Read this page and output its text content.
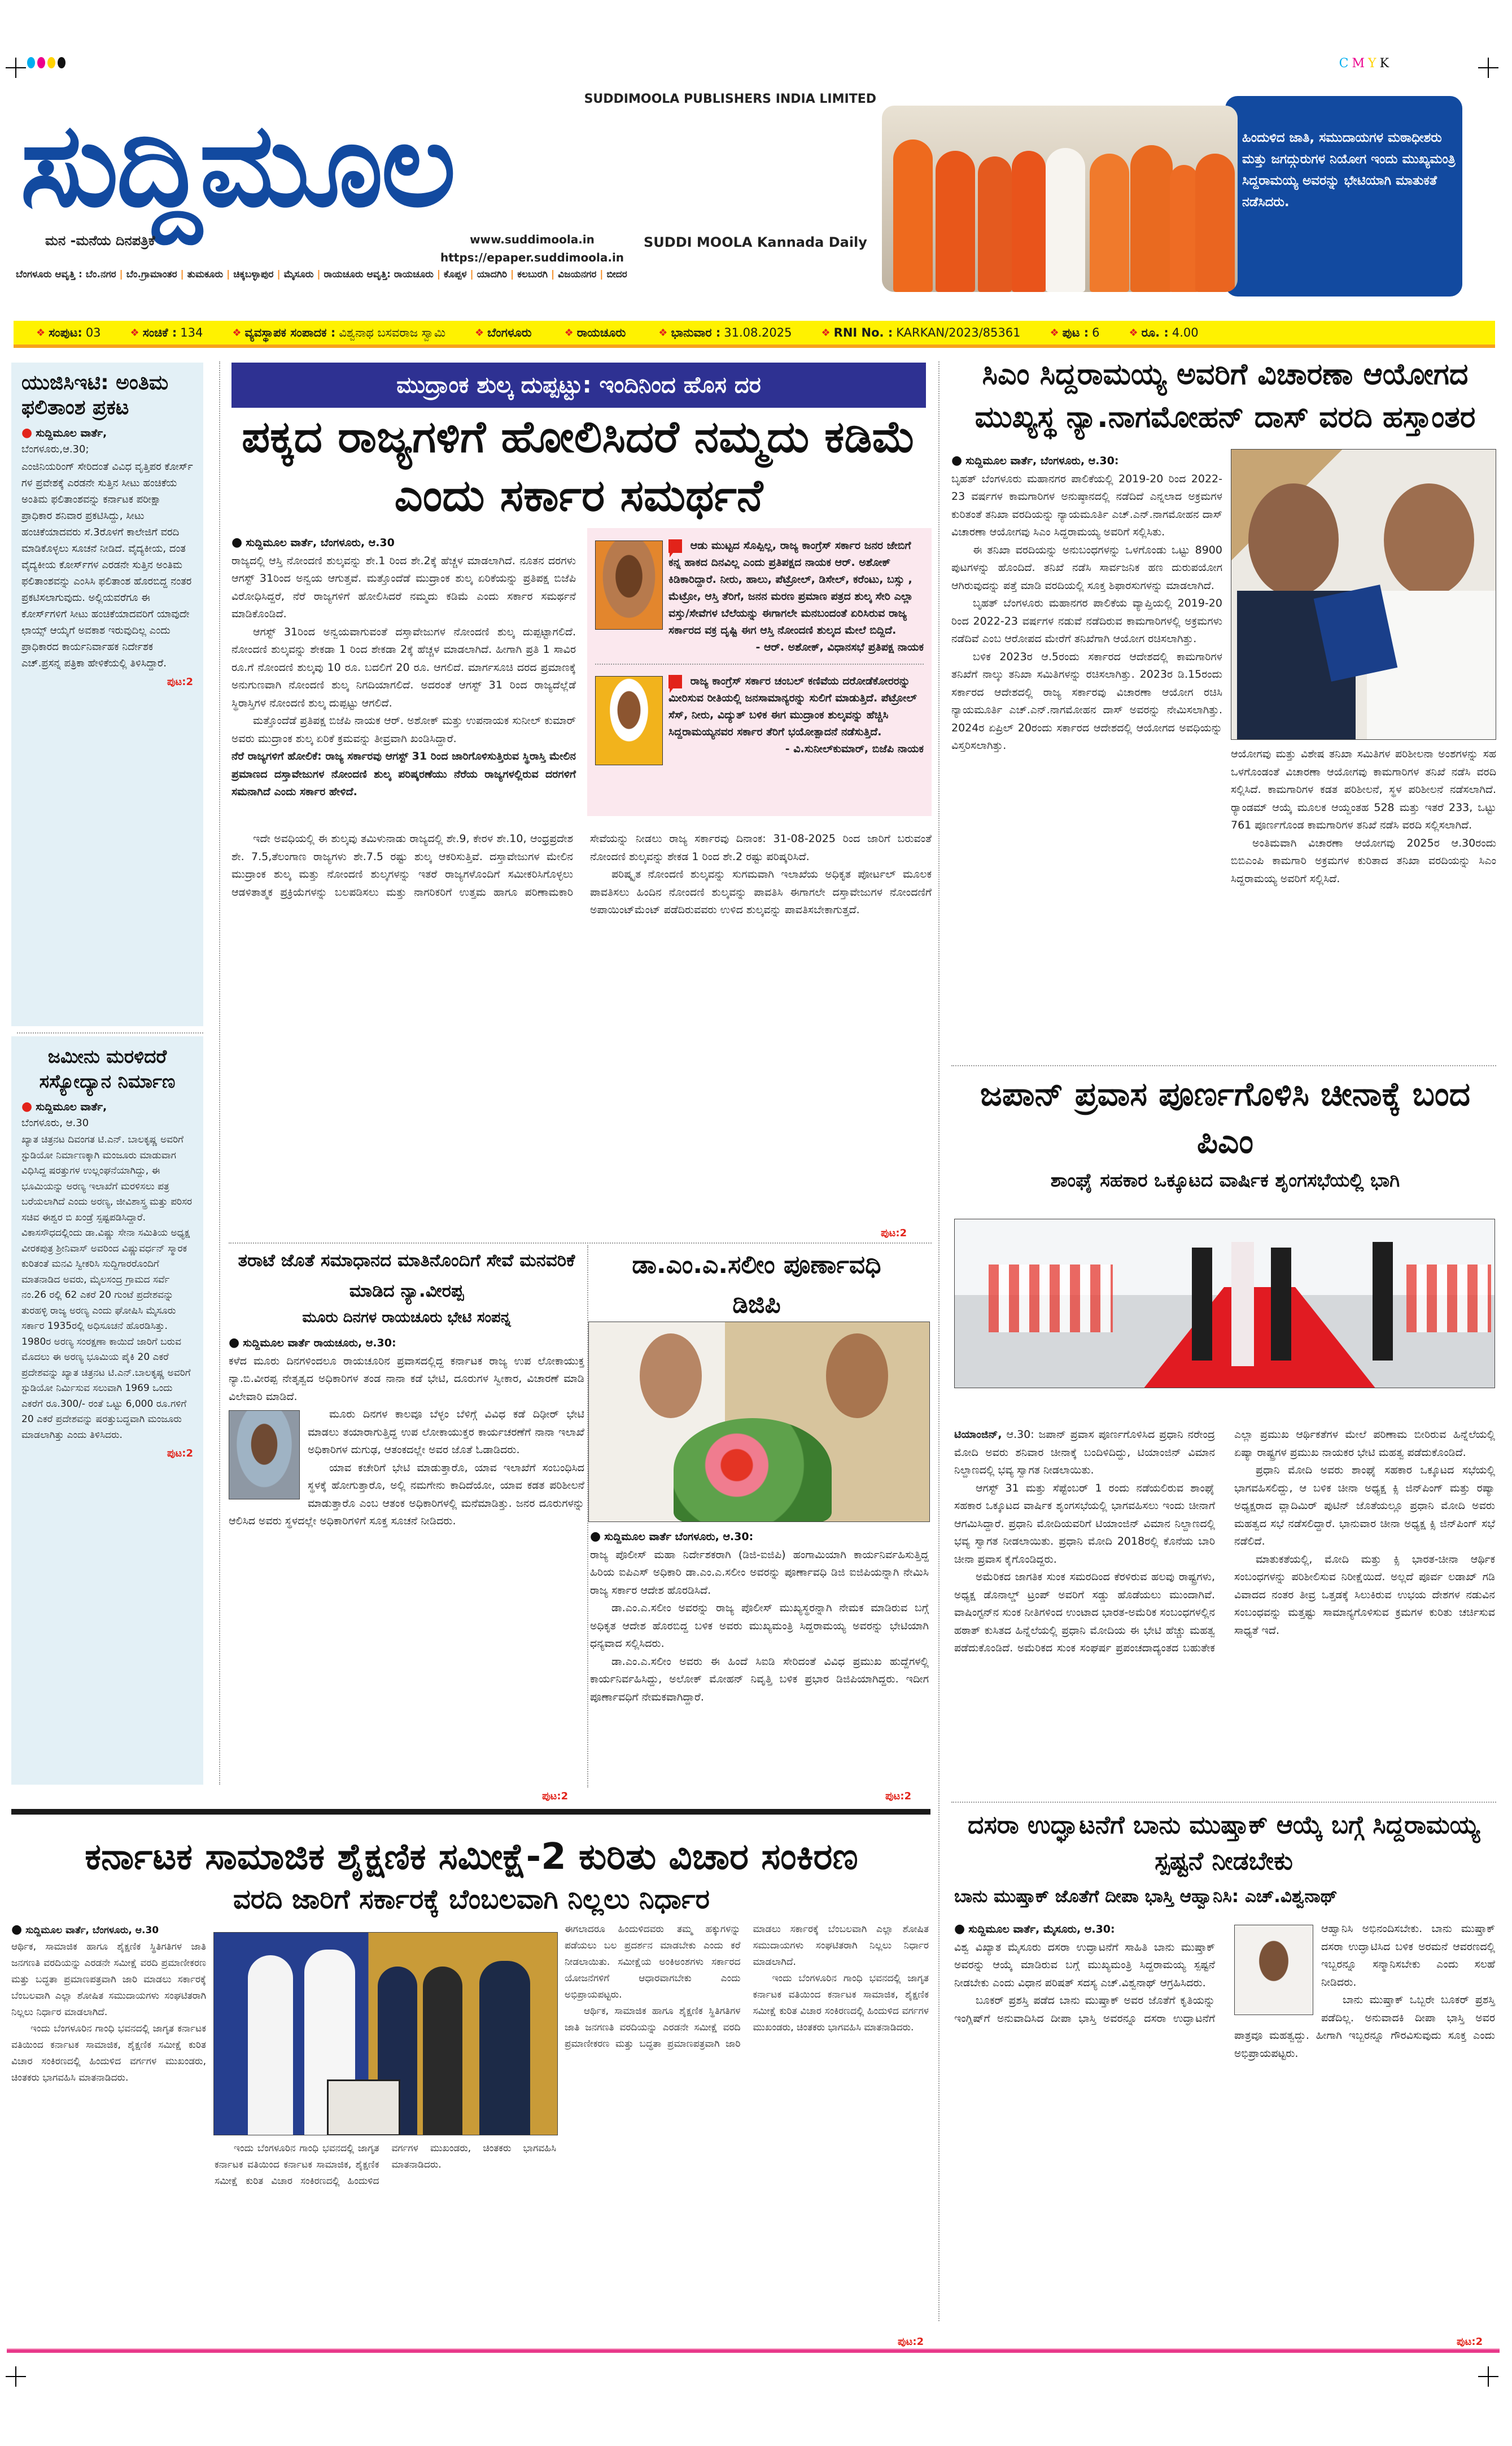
CMYK
ಸುದ್ದಿಮೂಲ	SUDDIMOOLA PUBLISHERS INDIA LIMITED
ಮನ -ಮನೆಯ ದಿನಪತ್ರಿಕೆ	www.suddimoola.in
https://epaper.suddimoola.in
SUDDI MOOLA Kannada Daily
ಬೆಂಗಳೂರು ಆವೃತ್ತಿ : ಬೆಂ.ನಗರ | ಬೆಂ.ಗ್ರಾಮಾಂತರ | ತುಮಕೂರು | ಚಿಕ್ಕಬಳ್ಳಾಪುರ | ಮೈಸೂರು | ರಾಯಚೂರು ಆವೃತ್ತಿ: ರಾಯಚೂರು | ಕೊಪ್ಪಳ | ಯಾದಗಿರಿ | ಕಲಬುರಗಿ | ವಿಜಯನಗರ | ಬೀದರ
ಹಿಂದುಳಿದ ಜಾತಿ, ಸಮುದಾಯಗಳ ಮಠಾಧೀಶರು ಮತ್ತು ಜಗದ್ಗುರುಗಳ ನಿಯೋಗ ಇಂದು ಮುಖ್ಯಮಂತ್ರಿ ಸಿದ್ದರಾಮಯ್ಯ ಅವರನ್ನು ಭೇಟಿಯಾಗಿ ಮಾತುಕತೆ ನಡೆಸಿದರು.
❖ ಸಂಪುಟ: 03	❖ ಸಂಚಿಕೆ : 134	❖ ವ್ಯವಸ್ಥಾಪಕ ಸಂಪಾದಕ : ವಿಶ್ವನಾಥ ಬಸವರಾಜ ಸ್ವಾಮಿ	❖ ಬೆಂಗಳೂರು	❖ ರಾಯಚೂರು	❖ ಭಾನುವಾರ : 31.08.2025	❖ RNI No. : KARKAN/2023/85361	❖ ಪುಟ : 6	❖ ರೂ. : 4.00
ಯುಜಿಸಿಇಟಿ: ಅಂತಿಮ ಫಲಿತಾಂಶ ಪ್ರಕಟ
● ಸುದ್ದಿಮೂಲ ವಾರ್ತೆ,
ಬೆಂಗಳೂರು,ಆ.30;
ಎಂಜಿನಿಯರಿಂಗ್ ಸೇರಿದಂತೆ ವಿವಿಧ ವೃತ್ತಿಪರ ಕೋರ್ಸ್ ಗಳ ಪ್ರವೇಶಕ್ಕೆ ಎರಡನೇ ಸುತ್ತಿನ ಸೀಟು ಹಂಚಿಕೆಯ ಅಂತಿಮ ಫಲಿತಾಂಶವನ್ನು ಕರ್ನಾಟಕ ಪರೀಕ್ಷಾ ಪ್ರಾಧಿಕಾರ ಶನಿವಾರ ಪ್ರಕಟಿಸಿದ್ದು, ಸೀಟು ಹಂಚಿಕೆಯಾದವರು ಸೆ.3ರೊಳಗೆ ಕಾಲೇಜಿಗೆ ವರದಿ ಮಾಡಿಕೊಳ್ಳಲು ಸೂಚನೆ ನೀಡಿದೆ. ವೈದ್ಯಕೀಯ, ದಂತ ವೈದ್ಯಕೀಯ ಕೋರ್ಸ್‌ಗಳ ಎರಡನೇ ಸುತ್ತಿನ ಅಂತಿಮ ಫಲಿತಾಂಶವನ್ನು ಎಂಸಿಸಿ ಫಲಿತಾಂಶ ಹೊರಬಿದ್ದ ನಂತರ ಪ್ರಕಟಿಸಲಾಗುವುದು. ಅಲ್ಲಿಯವರೆಗೂ ಈ ಕೋರ್ಸ್‌ಗಳಿಗೆ ಸೀಟು ಹಂಚಿಕೆಯಾದವರಿಗೆ ಯಾವುದೇ ಛಾಯ್ಸ್ ಆಯ್ಕೆಗೆ ಅವಕಾಶ ಇರುವುದಿಲ್ಲ ಎಂದು ಪ್ರಾಧಿಕಾರದ ಕಾರ್ಯನಿರ್ವಾಹಕ ನಿರ್ದೇಶಕ ಎಚ್.ಪ್ರಸನ್ನ ಪತ್ರಿಕಾ ಹೇಳಿಕೆಯಲ್ಲಿ ತಿಳಿಸಿದ್ದಾರೆ.
ಪುಟ:2
ಜಮೀನು ಮರಳಿದರೆ ಸಸ್ಯೋದ್ಯಾನ ನಿರ್ಮಾಣ
● ಸುದ್ದಿಮೂಲ ವಾರ್ತೆ,
ಬೆಂಗಳೂರು, ಆ.30
ಖ್ಯಾತ ಚಿತ್ರನಟ ದಿವಂಗತ ಟಿ.ಎನ್. ಬಾಲಕೃಷ್ಣ ಅವರಿಗೆ ಸ್ಟುಡಿಯೋ ನಿರ್ಮಾಣಕ್ಕಾಗಿ ಮಂಜೂರು ಮಾಡುವಾಗ ವಿಧಿಸಿದ್ದ ಷರತ್ತುಗಳ ಉಲ್ಲಂಘನೆಯಾಗಿದ್ದು, ಈ ಭೂಮಿಯನ್ನು ಅರಣ್ಯ ಇಲಾಖೆಗೆ ಮರಳಿಸಲು ಪತ್ರ ಬರೆಯಲಾಗಿದೆ ಎಂದು ಅರಣ್ಯ, ಜೀವಿಶಾಸ್ತ್ರ ಮತ್ತು ಪರಿಸರ ಸಚಿವ ಈಶ್ವರ ಬಿ ಖಂಡ್ರೆ ಸ್ಪಷ್ಟಪಡಿಸಿದ್ದಾರೆ. ವಿಕಾಸಸೌಧದಲ್ಲಿಂದು ಡಾ.ವಿಷ್ಣು ಸೇನಾ ಸಮಿತಿಯ ಅಧ್ಯಕ್ಷ ವೀರಕಪುತ್ರ ಶ್ರೀನಿವಾಸ್ ಅವರಿಂದ ವಿಷ್ಣುವರ್ಧನ್ ಸ್ಮಾರಕ ಕುರಿತಂತೆ ಮನವಿ ಸ್ವೀಕರಿಸಿ ಸುದ್ದಿಗಾರರೊಂದಿಗೆ ಮಾತನಾಡಿದ ಅವರು, ಮೈಲಸಂದ್ರ ಗ್ರಾಮದ ಸರ್ವೆ ನಂ.26 ರಲ್ಲಿ 62 ಎಕರೆ 20 ಗುಂಟೆ ಪ್ರದೇಶವನ್ನು ತುರಹಳ್ಳಿ ರಾಜ್ಯ ಅರಣ್ಯ ಎಂದು ಘೋಷಿಸಿ ಮೈಸೂರು ಸರ್ಕಾರ 1935ರಲ್ಲಿ ಅಧಿಸೂಚನೆ ಹೊರಡಿಸಿತ್ತು. 1980ರ ಅರಣ್ಯ ಸಂರಕ್ಷಣಾ ಕಾಯಿದೆ ಜಾರಿಗೆ ಬರುವ ಮೊದಲು ಈ ಅರಣ್ಯ ಭೂಮಿಯ ಪೈಕಿ 20 ಎಕರೆ ಪ್ರದೇಶವನ್ನು ಖ್ಯಾತ ಚಿತ್ರನಟ ಟಿ.ಎನ್.ಬಾಲಕೃಷ್ಣ ಅವರಿಗೆ ಸ್ಟುಡಿಯೋ ನಿರ್ಮಿಸುವ ಸಲುವಾಗಿ 1969 ಒಂದು ಎಕರೆಗೆ ರೂ.300/- ರಂತೆ ಒಟ್ಟು 6,000 ರೂ.ಗಳಿಗೆ 20 ಎಕರೆ ಪ್ರದೇಶವನ್ನು ಷರತ್ತುಬದ್ಧವಾಗಿ ಮಂಜೂರು ಮಾಡಲಾಗಿತ್ತು ಎಂದು ತಿಳಿಸಿದರು.
ಪುಟ:2
ಮುದ್ರಾಂಕ ಶುಲ್ಕ ದುಪ್ಪಟ್ಟು: ಇಂದಿನಿಂದ ಹೊಸ ದರ
ಪಕ್ಕದ ರಾಜ್ಯಗಳಿಗೆ ಹೋಲಿಸಿದರೆ ನಮ್ಮದು ಕಡಿಮೆ ಎಂದು ಸರ್ಕಾರ ಸಮರ್ಥನೆ
● ಸುದ್ದಿಮೂಲ ವಾರ್ತೆ, ಬೆಂಗಳೂರು, ಆ.30

ರಾಜ್ಯದಲ್ಲಿ ಆಸ್ತಿ ನೋಂದಣಿ ಶುಲ್ಕವನ್ನು ಶೇ.1 ರಿಂದ ಶೇ.2ಕ್ಕೆ ಹೆಚ್ಚಳ ಮಾಡಲಾಗಿದೆ. ನೂತನ ದರಗಳು ಆಗಸ್ಟ್ 31ರಿಂದ ಅನ್ವಯ ಆಗುತ್ತವೆ. ಮತ್ತೊಂದೆಡೆ ಮುದ್ರಾಂಕ ಶುಲ್ಕ ಏರಿಕೆಯನ್ನು ಪ್ರತಿಪಕ್ಷ ಬಿಜೆಪಿ ವಿರೋಧಿಸಿದ್ದರೆ, ನೆರೆ ರಾಜ್ಯಗಳಿಗೆ ಹೋಲಿಸಿದರೆ ನಮ್ಮದು ಕಡಿಮೆ ಎಂದು ಸರ್ಕಾರ ಸಮರ್ಥನೆ ಮಾಡಿಕೊಂಡಿದೆ.

ಆಗಸ್ಟ್ 31ರಿಂದ ಅನ್ವಯವಾಗುವಂತೆ ದಸ್ತಾವೇಜುಗಳ ನೋಂದಣಿ ಶುಲ್ಕ ದುಪ್ಪಟ್ಟಾಗಲಿದೆ. ನೋಂದಣಿ ಶುಲ್ಕವನ್ನು ಶೇಕಡಾ 1 ರಿಂದ ಶೇಕಡಾ 2ಕ್ಕೆ ಹೆಚ್ಚಳ ಮಾಡಲಾಗಿದೆ. ಹೀಗಾಗಿ ಪ್ರತಿ 1 ಸಾವಿರ ರೂ.ಗೆ ನೋಂದಣಿ ಶುಲ್ಕವು 10 ರೂ. ಬದಲಿಗೆ 20 ರೂ. ಆಗಲಿದೆ. ಮಾರ್ಗಸೂಚಿ ದರದ ಪ್ರಮಾಣಕ್ಕೆ ಅನುಗುಣವಾಗಿ ನೋಂದಣಿ ಶುಲ್ಕ ನಿಗದಿಯಾಗಲಿದೆ. ಅದರಂತೆ ಆಗಸ್ಟ್ 31 ರಿಂದ ರಾಜ್ಯದೆಲ್ಲೆಡೆ ಸ್ಥಿರಾಸ್ತಿಗಳ ನೋಂದಣಿ ಶುಲ್ಕ ದುಪ್ಪಟ್ಟು ಆಗಲಿದೆ.

ಮತ್ತೊಂದೆಡೆ ಪ್ರತಿಪಕ್ಷ ಬಿಜೆಪಿ ನಾಯಕ ಆರ್. ಅಶೋಕ್ ಮತ್ತು ಉಪನಾಯಕ ಸುನೀಲ್ ಕುಮಾರ್ ಅವರು ಮುದ್ರಾಂಕ ಶುಲ್ಕ ಏರಿಕೆ ಕ್ರಮವನ್ನು ತೀವ್ರವಾಗಿ ಖಂಡಿಸಿದ್ದಾರೆ.

ನೆರೆ ರಾಜ್ಯಗಳಿಗೆ ಹೋಲಿಕೆ: ರಾಜ್ಯ ಸರ್ಕಾರವು ಆಗಸ್ಟ್ 31 ರಿಂದ ಜಾರಿಗೊಳಿಸುತ್ತಿರುವ ಸ್ಥಿರಾಸ್ತಿ ಮೇಲಿನ ಪ್ರಮಾಣದ ದಸ್ತಾವೇಜುಗಳ ನೋಂದಣಿ ಶುಲ್ಕ ಪರಿಷ್ಕರಣೆಯು ನೆರೆಯ ರಾಜ್ಯಗಳಲ್ಲಿರುವ ದರಗಳಿಗೆ ಸಮನಾಗಿದೆ ಎಂದು ಸರ್ಕಾರ ಹೇಳಿದೆ.

ಆಡು ಮುಟ್ಟದ ಸೊಪ್ಪಿಲ್ಲ, ರಾಜ್ಯ ಕಾಂಗ್ರೆಸ್ ಸರ್ಕಾರ ಜನರ ಜೇಬಿಗೆ ಕನ್ನ ಹಾಕದ ದಿನವಿಲ್ಲ ಎಂದು ಪ್ರತಿಪಕ್ಷದ ನಾಯಕ ಆರ್. ಅಶೋಕ್ ಕಿಡಿಕಾರಿದ್ದಾರೆ. ನೀರು, ಹಾಲು, ಪೆಟ್ರೋಲ್, ಡಿಸೇಲ್, ಕರೆಂಟು, ಬಸ್ಸು , ಮೆಟ್ರೋ, ಆಸ್ತಿ ತೆರಿಗೆ, ಜನನ ಮರಣ ಪ್ರಮಾಣ ಪತ್ರದ ಶುಲ್ಕ ಸೇರಿ ಎಲ್ಲಾ ವಸ್ತು/ಸೇವೆಗಳ ಬೆಲೆಯನ್ನು ಈಗಾಗಲೇ ಮನಬಂದಂತೆ ಏರಿಸಿರುವ ರಾಜ್ಯ ಸರ್ಕಾರದ ವಕ್ರ ದೃಷ್ಟಿ ಈಗ ಆಸ್ತಿ ನೋಂದಣಿ ಶುಲ್ಕದ ಮೇಲೆ ಬಿದ್ದಿದೆ.
- ಆರ್. ಅಶೋಕ್, ವಿಧಾನಸಭೆ ಪ್ರತಿಪಕ್ಷ ನಾಯಕ

ರಾಜ್ಯ ಕಾಂಗ್ರೆಸ್ ಸರ್ಕಾರ ಚಂಬಲ್ ಕಣಿವೆಯ ದರೋಡೆಕೋರರನ್ನು ಮೀರಿಸುವ ರೀತಿಯಲ್ಲಿ ಜನಸಾಮಾನ್ಯರನ್ನು ಸುಲಿಗೆ ಮಾಡುತ್ತಿದೆ. ಪೆಟ್ರೋಲ್ ಸೆಸ್, ನೀರು, ವಿದ್ಯುತ್ ಬಳಿಕ ಈಗ ಮುದ್ರಾಂಕ ಶುಲ್ಕವನ್ನು ಹೆಚ್ಚಿಸಿ ಸಿದ್ದರಾಮಯ್ಯನವರ ಸರ್ಕಾರ ತೆರಿಗೆ ಭಯೋತ್ಪಾದನೆ ನಡೆಸುತ್ತಿದೆ.
- ವಿ.ಸುನೀಲ್‌ಕುಮಾರ್, ಬಿಜೆಪಿ ನಾಯಕ

ಇದೇ ಅವಧಿಯಲ್ಲಿ ಈ ಶುಲ್ಕವು ತಮಿಳುನಾಡು ರಾಜ್ಯದಲ್ಲಿ ಶೇ.9, ಕೇರಳ ಶೇ.10, ಆಂಧ್ರಪ್ರದೇಶ ಶೇ. 7.5,ತೆಲಂಗಾಣ ರಾಜ್ಯಗಳು ಶೇ.7.5 ರಷ್ಟು ಶುಲ್ಕ ಆಕರಿಸುತ್ತಿವೆ. ದಸ್ತಾವೇಜುಗಳ ಮೇಲಿನ ಮುದ್ರಾಂಕ ಶುಲ್ಕ ಮತ್ತು ನೋಂದಣಿ ಶುಲ್ಕಗಳನ್ನು ಇತರೆ ರಾಜ್ಯಗಳೊಂದಿಗೆ ಸಮೀಕರಿಸಿಗೊಳ್ಳಲು ಆಡಳಿತಾತ್ಮಕ ಪ್ರಕ್ರಿಯೆಗಳನ್ನು ಬಲಪಡಿಸಲು ಮತ್ತು ನಾಗರಿಕರಿಗೆ ಉತ್ತಮ ಹಾಗೂ ಪರಿಣಾಮಕಾರಿ ಸೇವೆಯನ್ನು ನೀಡಲು ರಾಜ್ಯ ಸರ್ಕಾರವು ದಿನಾಂಕ: 31-08-2025 ರಿಂದ ಜಾರಿಗೆ ಬರುವಂತೆ ನೋಂದಣಿ ಶುಲ್ಕವನ್ನು ಶೇಕಡ 1 ರಿಂದ ಶೇ.2 ರಷ್ಟು ಪರಿಷ್ಕರಿಸಿದೆ.

ಪರಿಷ್ಕೃತ ನೋಂದಣಿ ಶುಲ್ಕವನ್ನು ಸುಗಮವಾಗಿ ಇಲಾಖೆಯ ಅಧಿಕೃತ ಪೋರ್ಟಲ್ ಮೂಲಕ ಪಾವತಿಸಲು ಹಿಂದಿನ ನೋಂದಣಿ ಶುಲ್ಕವನ್ನು ಪಾವತಿಸಿ ಈಗಾಗಲೇ ದಸ್ತಾವೇಜುಗಳ ನೋಂದಣಿಗೆ ಅಪಾಯಿಂಟ್‌ಮೆಂಟ್ ಪಡೆದಿರುವವರು ಉಳಿದ ಶುಲ್ಕವನ್ನು ಪಾವತಿಸಬೇಕಾಗುತ್ತದೆ.

ಪುಟ:2
ತರಾಟೆ ಜೊತೆ ಸಮಾಧಾನದ ಮಾತಿನೊಂದಿಗೆ ಸೇವೆ ಮನವರಿಕೆ ಮಾಡಿದ ನ್ಯಾ.ವೀರಪ್ಪ
ಮೂರು ದಿನಗಳ ರಾಯಚೂರು ಭೇಟಿ ಸಂಪನ್ನ
● ಸುದ್ದಿಮೂಲ ವಾರ್ತೆ ರಾಯಚೂರು, ಆ.30:

ಕಳೆದ ಮೂರು ದಿನಗಳಿಂದಲೂ ರಾಯಚೂರಿನ ಪ್ರವಾಸದಲ್ಲಿದ್ದ ಕರ್ನಾಟಕ ರಾಜ್ಯ ಉಪ ಲೋಕಾಯುಕ್ತ ನ್ಯಾ.ಬಿ.ವೀರಪ್ಪ ನೇತೃತ್ವದ ಅಧಿಕಾರಿಗಳ ತಂಡ ನಾನಾ ಕಡೆ ಭೇಟಿ, ದೂರುಗಳ ಸ್ವೀಕಾರ, ವಿಚಾರಣೆ ಮಾಡಿ ವಿಲೇವಾರಿ ಮಾಡಿದೆ.

ಮೂರು ದಿನಗಳ ಕಾಲವೂ ಬೆಳ್ಳಂ ಬೆಳಿಗ್ಗೆ ವಿವಿಧ ಕಡೆ ದಿಢೀರ್ ಭೇಟಿ ಮಾಡಲು ತಯಾರಾಗುತ್ತಿದ್ದ ಉಪ ಲೋಕಾಯುಕ್ತರ ಕಾರ್ಯಚರಣೆಗೆ ನಾನಾ ಇಲಾಖೆ ಅಧಿಕಾರಿಗಳ ದುಗುಢ, ಆತಂಕದಲ್ಲೇ ಅವರ ಜೊತೆ ಓಡಾಡಿದರು.

ಯಾವ ಕಚೇರಿಗೆ ಭೇಟಿ ಮಾಡುತ್ತಾರೊ, ಯಾವ ಇಲಾಖೆಗೆ ಸಂಬಂಧಿಸಿದ ಸ್ಥಳಕ್ಕೆ ಹೋಗುತ್ತಾರೊ, ಅಲ್ಲಿ ನಮಗೇನು ಕಾದಿದೆಯೋ, ಯಾವ ಕಡತ ಪರಿಶೀಲನೆ ಮಾಡುತ್ತಾರೊ ಎಂಬ ಆತಂಕ ಅಧಿಕಾರಿಗಳಲ್ಲಿ ಮನೆಮಾಡಿತ್ತು. ಜನರ ದೂರುಗಳನ್ನು ಆಲಿಸಿದ ಅವರು ಸ್ಥಳದಲ್ಲೇ ಅಧಿಕಾರಿಗಳಿಗೆ ಸೂಕ್ತ ಸೂಚನೆ ನೀಡಿದರು.

ಪುಟ:2
ಡಾ.ಎಂ.ಎ.ಸಲೀಂ ಪೂರ್ಣಾವಧಿ ಡಿಜಿಪಿ
● ಸುದ್ದಿಮೂಲ ವಾರ್ತೆ ಬೆಂಗಳೂರು, ಆ.30:

ರಾಜ್ಯ ಪೊಲೀಸ್ ಮಹಾ ನಿರ್ದೇಶಕರಾಗಿ (ಡಿಜಿ-ಐಜಿಪಿ) ಹಂಗಾಮಿಯಾಗಿ ಕಾರ್ಯನಿರ್ವಹಿಸುತ್ತಿದ್ದ ಹಿರಿಯ ಐಪಿಎಸ್ ಅಧಿಕಾರಿ ಡಾ.ಎಂ.ಎ.ಸಲೀಂ ಅವರನ್ನು ಪೂರ್ಣಾವಧಿ ಡಿಜಿ ಐಜಿಪಿಯನ್ನಾಗಿ ನೇಮಿಸಿ ರಾಜ್ಯ ಸರ್ಕಾರ ಆದೇಶ ಹೊರಡಿಸಿದೆ.

ಡಾ.ಎಂ.ಎ.ಸಲೀಂ ಅವರನ್ನು ರಾಜ್ಯ ಪೊಲೀಸ್ ಮುಖ್ಯಸ್ಥರನ್ನಾಗಿ ನೇಮಕ ಮಾಡಿರುವ ಬಗ್ಗೆ ಅಧಿಕೃತ ಆದೇಶ ಹೊರಬಿದ್ದ ಬಳಿಕ ಅವರು ಮುಖ್ಯಮಂತ್ರಿ ಸಿದ್ದರಾಮಯ್ಯ ಅವರನ್ನು ಭೇಟಿಯಾಗಿ ಧನ್ಯವಾದ ಸಲ್ಲಿಸಿದರು.

ಡಾ.ಎಂ.ಎ.ಸಲೀಂ ಅವರು ಈ ಹಿಂದೆ ಸಿಐಡಿ ಸೇರಿದಂತೆ ವಿವಿಧ ಪ್ರಮುಖ ಹುದ್ದೆಗಳಲ್ಲಿ ಕಾರ್ಯನಿರ್ವಹಿಸಿದ್ದು, ಅಲೋಕ್ ಮೋಹನ್ ನಿವೃತ್ತಿ ಬಳಿಕ ಪ್ರಭಾರ ಡಿಜಿಪಿಯಾಗಿದ್ದರು. ಇದೀಗ ಪೂರ್ಣಾವಧಿಗೆ ನೇಮಕವಾಗಿದ್ದಾರೆ.

ಪುಟ:2
ಸಿಎಂ ಸಿದ್ದರಾಮಯ್ಯ ಅವರಿಗೆ ವಿಚಾರಣಾ ಆಯೋಗದ ಮುಖ್ಯಸ್ಥ ನ್ಯಾ.ನಾಗಮೋಹನ್ ದಾಸ್ ವರದಿ ಹಸ್ತಾಂತರ
● ಸುದ್ದಿಮೂಲ ವಾರ್ತೆ, ಬೆಂಗಳೂರು, ಆ.30:

ಬೃಹತ್ ಬೆಂಗಳೂರು ಮಹಾನಗರ ಪಾಲಿಕೆಯಲ್ಲಿ 2019-20 ರಿಂದ 2022-23 ವರ್ಷಗಳ ಕಾಮಗಾರಿಗಳ ಅನುಷ್ಠಾನದಲ್ಲಿ ನಡೆದಿದೆ ಎನ್ನಲಾದ ಅಕ್ರಮಗಳ ಕುರಿತಂತೆ ತನಿಖಾ ವರದಿಯನ್ನು ನ್ಯಾಯಮೂರ್ತಿ ಎಚ್.ಎನ್.ನಾಗಮೋಹನ ದಾಸ್ ವಿಚಾರಣಾ ಆಯೋಗವು ಸಿಎಂ ಸಿದ್ದರಾಮಯ್ಯ ಅವರಿಗೆ ಸಲ್ಲಿಸಿತು.

ಈ ತನಿಖಾ ವರದಿಯನ್ನು ಅನುಬಂಧಗಳನ್ನು ಒಳಗೊಂಡು ಒಟ್ಟು 8900 ಪುಟಗಳನ್ನು ಹೊಂದಿದೆ. ತನಿಖೆ ನಡೆಸಿ ಸಾರ್ವಜನಿಕ ಹಣ ದುರುಪಯೋಗ ಆಗಿರುವುದನ್ನು ಪತ್ತೆ ಮಾಡಿ ವರದಿಯಲ್ಲಿ ಸೂಕ್ತ ಶಿಫಾರಸುಗಳನ್ನು ಮಾಡಲಾಗಿದೆ.

ಬೃಹತ್ ಬೆಂಗಳೂರು ಮಹಾನಗರ ಪಾಲಿಕೆಯ ವ್ಯಾಪ್ತಿಯಲ್ಲಿ 2019-20 ರಿಂದ 2022-23 ವರ್ಷಗಳ ನಡುವೆ ನಡೆದಿರುವ ಕಾಮಗಾರಿಗಳಲ್ಲಿ ಅಕ್ರಮಗಳು ನಡೆದಿವೆ ಎಂಬ ಆರೋಪದ ಮೇರೆಗೆ ತನಿಖೆಗಾಗಿ ಆಯೋಗ ರಚಿಸಲಾಗಿತ್ತು.

ಬಳಿಕ 2023ರ ಆ.5ರಂದು ಸರ್ಕಾರದ ಆದೇಶದಲ್ಲಿ ಕಾಮಗಾರಿಗಳ ತನಿಖೆಗೆ ನಾಲ್ಕು ತನಿಖಾ ಸಮಿತಿಗಳನ್ನು ರಚಿಸಲಾಗಿತ್ತು. 2023ರ ಡಿ.15ರಂದು ಸರ್ಕಾರದ ಆದೇಶದಲ್ಲಿ ರಾಜ್ಯ ಸರ್ಕಾರವು ವಿಚಾರಣಾ ಆಯೋಗ ರಚಿಸಿ ನ್ಯಾಯಮೂರ್ತಿ ಎಚ್.ಎನ್.ನಾಗಮೋಹನ ದಾಸ್ ಅವರನ್ನು ನೇಮಿಸಲಾಗಿತ್ತು. 2024ರ ಏಪ್ರಿಲ್ 20ರಂದು ಸರ್ಕಾರದ ಆದೇಶದಲ್ಲಿ ಆಯೋಗದ ಅವಧಿಯನ್ನು ವಿಸ್ತರಿಸಲಾಗಿತ್ತು.

ಆಯೋಗವು ಮತ್ತು ವಿಶೇಷ ತನಿಖಾ ಸಮಿತಿಗಳ ಪರಿಶೀಲನಾ ಅಂಶಗಳನ್ನು ಸಹ ಒಳಗೊಂಡಂತೆ ವಿಚಾರಣಾ ಆಯೋಗವು ಕಾಮಗಾರಿಗಳ ತನಿಖೆ ನಡೆಸಿ ವರದಿ ಸಲ್ಲಿಸಿದೆ. ಕಾಮಗಾರಿಗಳ ಕಡತ ಪರಿಶೀಲನೆ, ಸ್ಥಳ ಪರಿಶೀಲನೆ ನಡೆಸಲಾಗಿದೆ. ರ‍್ಯಾಂಡಮ್ ಆಯ್ಕೆ ಮೂಲಕ ಆಯ್ದಂತಹ 528 ಮತ್ತು ಇತರೆ 233, ಒಟ್ಟು 761 ಪೂರ್ಣಗೊಂಡ ಕಾಮಗಾರಿಗಳ ತನಿಖೆ ನಡೆಸಿ ವರದಿ ಸಲ್ಲಿಸಲಾಗಿದೆ.

ಅಂತಿಮವಾಗಿ ವಿಚಾರಣಾ ಆಯೋಗವು 2025ರ ಆ.30ರಂದು ಬಿಬಿಎಂಪಿ ಕಾಮಗಾರಿ ಅಕ್ರಮಗಳ ಕುರಿತಾದ ತನಿಖಾ ವರದಿಯನ್ನು ಸಿಎಂ ಸಿದ್ದರಾಮಯ್ಯ ಅವರಿಗೆ ಸಲ್ಲಿಸಿದೆ.

ಜಪಾನ್ ಪ್ರವಾಸ ಪೂರ್ಣಗೊಳಿಸಿ ಚೀನಾಕ್ಕೆ ಬಂದ ಪಿಎಂ
ಶಾಂಘೈ ಸಹಕಾರ ಒಕ್ಕೂಟದ ವಾರ್ಷಿಕ ಶೃಂಗಸಭೆಯಲ್ಲಿ ಭಾಗಿ

ಟಿಯಾಂಜಿನ್, ಆ.30: ಜಪಾನ್ ಪ್ರವಾಸ ಪೂರ್ಣಗೊಳಿಸಿದ ಪ್ರಧಾನಿ ನರೇಂದ್ರ ಮೋದಿ ಅವರು ಶನಿವಾರ ಚೀನಾಕ್ಕೆ ಬಂದಿಳಿದಿದ್ದು, ಟಿಯಾಂಜಿನ್ ವಿಮಾನ ನಿಲ್ದಾಣದಲ್ಲಿ ಭವ್ಯ ಸ್ವಾಗತ ನೀಡಲಾಯಿತು.

ಆಗಸ್ಟ್ 31 ಮತ್ತು ಸೆಪ್ಟೆಂಬರ್ 1 ರಂದು ನಡೆಯಲಿರುವ ಶಾಂಘೈ ಸಹಕಾರ ಒಕ್ಕೂಟದ ವಾರ್ಷಿಕ ಶೃಂಗಸಭೆಯಲ್ಲಿ ಭಾಗವಹಿಸಲು ಇಂದು ಚೀನಾಗೆ ಆಗಮಿಸಿದ್ದಾರೆ. ಪ್ರಧಾನಿ ಮೋದಿಯವರಿಗೆ ಟಿಯಾಂಜಿನ್ ವಿಮಾನ ನಿಲ್ದಾಣದಲ್ಲಿ ಭವ್ಯ ಸ್ವಾಗತ ನೀಡಲಾಯಿತು. ಪ್ರಧಾನಿ ಮೋದಿ 2018ರಲ್ಲಿ ಕೊನೆಯ ಬಾರಿ ಚೀನಾ ಪ್ರವಾಸ ಕೈಗೊಂಡಿದ್ದರು.

ಅಮೆರಿಕದ ಜಾಗತಿಕ ಸುಂಕ ಸಮರದಿಂದ ಕೆರಳಿರುವ ಹಲವು ರಾಷ್ಟ್ರಗಳು, ಅಧ್ಯಕ್ಷ ಡೊನಾಲ್ಡ್ ಟ್ರಂಪ್ ಅವರಿಗೆ ಸಡ್ಡು ಹೊಡೆಯಲು ಮುಂದಾಗಿವೆ. ವಾಷಿಂಗ್ಟನ್‌ನ ಸುಂಕ ನೀತಿಗಳಿಂದ ಉಂಟಾದ ಭಾರತ-ಅಮೆರಿಕ ಸಂಬಂಧಗಳಲ್ಲಿನ ಹಠಾತ್ ಕುಸಿತದ ಹಿನ್ನೆಲೆಯಲ್ಲಿ ಪ್ರಧಾನಿ ಮೋದಿಯ ಈ ಭೇಟಿ ಹೆಚ್ಚು ಮಹತ್ವ ಪಡೆದುಕೊಂಡಿದೆ. ಅಮೆರಿಕದ ಸುಂಕ ಸಂಘರ್ಷ ಪ್ರಪಂಚದಾದ್ಯಂತದ ಬಹುತೇಕ ಎಲ್ಲಾ ಪ್ರಮುಖ ಆರ್ಥಿಕತೆಗಳ ಮೇಲೆ ಪರಿಣಾಮ ಬೀರಿರುವ ಹಿನ್ನೆಲೆಯಲ್ಲಿ ಏಷ್ಯಾ ರಾಷ್ಟ್ರಗಳ ಪ್ರಮುಖ ನಾಯಕರ ಭೇಟಿ ಮಹತ್ವ ಪಡೆದುಕೊಂಡಿದೆ.

ಪ್ರಧಾನಿ ಮೋದಿ ಅವರು ಶಾಂಘೈ ಸಹಕಾರ ಒಕ್ಕೂಟದ ಸಭೆಯಲ್ಲಿ ಭಾಗವಹಿಸಲಿದ್ದು, ಆ ಬಳಿಕ ಚೀನಾ ಅಧ್ಯಕ್ಷ ಕ್ಸಿ ಜಿನ್‌ಪಿಂಗ್ ಮತ್ತು ರಷ್ಯಾ ಅಧ್ಯಕ್ಷರಾದ ವ್ಲಾದಿಮಿರ್ ಪುಟಿನ್ ಜೊತೆಯಲ್ಲೂ ಪ್ರಧಾನಿ ಮೋದಿ ಅವರು ಮಹತ್ವದ ಸಭೆ ನಡೆಸಲಿದ್ದಾರೆ. ಭಾನುವಾರ ಚೀನಾ ಅಧ್ಯಕ್ಷ ಕ್ಸಿ ಜಿನ್‌ಪಿಂಗ್ ಸಭೆ ನಡೆಲಿದೆ.

ಮಾತುಕತೆಯಲ್ಲಿ, ಮೋದಿ ಮತ್ತು ಕ್ಸಿ ಭಾರತ-ಚೀನಾ ಆರ್ಥಿಕ ಸಂಬಂಧಗಳನ್ನು ಪರಿಶೀಲಿಸುವ ನಿರೀಕ್ಷೆಯಿದೆ. ಅಲ್ಲದೆ ಪೂರ್ವ ಲಡಾಖ್ ಗಡಿ ವಿವಾದದ ನಂತರ ತೀವ್ರ ಒತ್ತಡಕ್ಕೆ ಸಿಲುಕಿರುವ ಉಭಯ ದೇಶಗಳ ನಡುವಿನ ಸಂಬಂಧವನ್ನು ಮತ್ತಷ್ಟು ಸಾಮಾನ್ಯಗೊಳಿಸುವ ಕ್ರಮಗಳ ಕುರಿತು ಚರ್ಚಿಸುವ ಸಾಧ್ಯತೆ ಇದೆ.

ಕರ್ನಾಟಕ ಸಾಮಾಜಿಕ ಶೈಕ್ಷಣಿಕ ಸಮೀಕ್ಷೆ-2 ಕುರಿತು ವಿಚಾರ ಸಂಕಿರಣ
ವರದಿ ಜಾರಿಗೆ ಸರ್ಕಾರಕ್ಕೆ ಬೆಂಬಲವಾಗಿ ನಿಲ್ಲಲು ನಿರ್ಧಾರ
● ಸುದ್ದಿಮೂಲ ವಾರ್ತೆ, ಬೆಂಗಳೂರು, ಆ.30

ಆರ್ಥಿಕ, ಸಾಮಾಜಿಕ ಹಾಗೂ ಶೈಕ್ಷಣಿಕ ಸ್ಥಿತಿಗತಿಗಳ ಜಾತಿ ಜನಗಣತಿ ವರದಿಯನ್ನು ಎರಡನೇ ಸಮೀಕ್ಷೆ ವರದಿ ಪ್ರಮಾಣೀಕರಣ ಮತ್ತು ಬದ್ಧತಾ ಪ್ರಮಾಣಪತ್ರವಾಗಿ ಜಾರಿ ಮಾಡಲು ಸರ್ಕಾರಕ್ಕೆ ಬೆಂಬಲವಾಗಿ ಎಲ್ಲಾ ಶೋಷಿತ ಸಮುದಾಯಗಳು ಸಂಘಟಿತರಾಗಿ ನಿಲ್ಲಲು ನಿರ್ಧಾರ ಮಾಡಲಾಗಿದೆ.

ಇಂದು ಬೆಂಗಳೂರಿನ ಗಾಂಧಿ ಭವನದಲ್ಲಿ ಜಾಗೃತ ಕರ್ನಾಟಕ ವತಿಯಿಂದ ಕರ್ನಾಟಕ ಸಾಮಾಜಿಕ, ಶೈಕ್ಷಣಿಕ ಸಮೀಕ್ಷೆ ಕುರಿತ ವಿಚಾರ ಸಂಕಿರಣದಲ್ಲಿ ಹಿಂದುಳಿದ ವರ್ಗಗಳ ಮುಖಂಡರು, ಚಿಂತಕರು ಭಾಗವಹಿಸಿ ಮಾತನಾಡಿದರು.

ಇಂದು ಬೆಂಗಳೂರಿನ ಗಾಂಧಿ ಭವನದಲ್ಲಿ ಜಾಗೃತ ಕರ್ನಾಟಕ ವತಿಯಿಂದ ಕರ್ನಾಟಕ ಸಾಮಾಜಿಕ, ಶೈಕ್ಷಣಿಕ ಸಮೀಕ್ಷೆ ಕುರಿತ ವಿಚಾರ ಸಂಕಿರಣದಲ್ಲಿ ಹಿಂದುಳಿದ ವರ್ಗಗಳ ಮುಖಂಡರು, ಚಿಂತಕರು ಭಾಗವಹಿಸಿ ಮಾತನಾಡಿದರು.

ಈಗಲಾದರೂ ಹಿಂದುಳಿದವರು ತಮ್ಮ ಹಕ್ಕುಗಳನ್ನು ಪಡೆಯಲು ಬಲ ಪ್ರದರ್ಶನ ಮಾಡಬೇಕು ಎಂದು ಕರೆ ನೀಡಲಾಯಿತು. ಸಮೀಕ್ಷೆಯ ಅಂಕಿಅಂಶಗಳು ಸರ್ಕಾರದ ಯೋಜನೆಗಳಿಗೆ ಆಧಾರವಾಗಬೇಕು ಎಂದು ಅಭಿಪ್ರಾಯಪಟ್ಟರು.

ಆರ್ಥಿಕ, ಸಾಮಾಜಿಕ ಹಾಗೂ ಶೈಕ್ಷಣಿಕ ಸ್ಥಿತಿಗತಿಗಳ ಜಾತಿ ಜನಗಣತಿ ವರದಿಯನ್ನು ಎರಡನೇ ಸಮೀಕ್ಷೆ ವರದಿ ಪ್ರಮಾಣೀಕರಣ ಮತ್ತು ಬದ್ಧತಾ ಪ್ರಮಾಣಪತ್ರವಾಗಿ ಜಾರಿ ಮಾಡಲು ಸರ್ಕಾರಕ್ಕೆ ಬೆಂಬಲವಾಗಿ ಎಲ್ಲಾ ಶೋಷಿತ ಸಮುದಾಯಗಳು ಸಂಘಟಿತರಾಗಿ ನಿಲ್ಲಲು ನಿರ್ಧಾರ ಮಾಡಲಾಗಿದೆ.

ಇಂದು ಬೆಂಗಳೂರಿನ ಗಾಂಧಿ ಭವನದಲ್ಲಿ ಜಾಗೃತ ಕರ್ನಾಟಕ ವತಿಯಿಂದ ಕರ್ನಾಟಕ ಸಾಮಾಜಿಕ, ಶೈಕ್ಷಣಿಕ ಸಮೀಕ್ಷೆ ಕುರಿತ ವಿಚಾರ ಸಂಕಿರಣದಲ್ಲಿ ಹಿಂದುಳಿದ ವರ್ಗಗಳ ಮುಖಂಡರು, ಚಿಂತಕರು ಭಾಗವಹಿಸಿ ಮಾತನಾಡಿದರು.

ಪುಟ:2
ದಸರಾ ಉದ್ಘಾಟನೆಗೆ ಬಾನು ಮುಷ್ತಾಕ್ ಆಯ್ಕೆ ಬಗ್ಗೆ ಸಿದ್ದರಾಮಯ್ಯ ಸ್ಪಷ್ಟನೆ ನೀಡಬೇಕು
ಬಾನು ಮುಷ್ತಾಕ್ ಜೊತೆಗೆ ದೀಪಾ ಭಾಸ್ತಿ ಆಹ್ವಾನಿಸಿ: ಎಚ್.ವಿಶ್ವನಾಥ್
● ಸುದ್ದಿಮೂಲ ವಾರ್ತೆ, ಮೈಸೂರು, ಆ.30:

ವಿಶ್ವ ವಿಖ್ಯಾತ ಮೈಸೂರು ದಸರಾ ಉದ್ಘಾಟನೆಗೆ ಸಾಹಿತಿ ಬಾನು ಮುಷ್ತಾಕ್ ಅವರನ್ನು ಆಯ್ಕೆ ಮಾಡಿರುವ ಬಗ್ಗೆ ಮುಖ್ಯಮಂತ್ರಿ ಸಿದ್ದರಾಮಯ್ಯ ಸ್ಪಷ್ಟನೆ ನೀಡಬೇಕು ಎಂದು ವಿಧಾನ ಪರಿಷತ್ ಸದಸ್ಯ ಎಚ್.ವಿಶ್ವನಾಥ್ ಆಗ್ರಹಿಸಿದರು.

ಬೂಕರ್ ಪ್ರಶಸ್ತಿ ಪಡೆದ ಬಾನು ಮುಷ್ತಾಕ್ ಅವರ ಜೊತೆಗೆ ಕೃತಿಯನ್ನು ಇಂಗ್ಲಿಷ್‌ಗೆ ಅನುವಾದಿಸಿದ ದೀಪಾ ಭಾಸ್ತಿ ಅವರನ್ನೂ ದಸರಾ ಉದ್ಘಾಟನೆಗೆ ಆಹ್ವಾನಿಸಿ ಅಭಿನಂದಿಸಬೇಕು. ಬಾನು ಮುಷ್ತಾಕ್ ದಸರಾ ಉದ್ಘಾಟಿಸಿದ ಬಳಿಕ ಅರಮನೆ ಆವರಣದಲ್ಲಿ ಇಬ್ಬರನ್ನೂ ಸನ್ಮಾನಿಸಬೇಕು ಎಂದು ಸಲಹೆ ನೀಡಿದರು.

ಬಾನು ಮುಷ್ತಾಕ್ ಒಬ್ಬರೇ ಬೂಕರ್ ಪ್ರಶಸ್ತಿ ಪಡೆದಿಲ್ಲ. ಅನುವಾದಕಿ ದೀಪಾ ಭಾಸ್ತಿ ಅವರ ಪಾತ್ರವೂ ಮಹತ್ವದ್ದು. ಹೀಗಾಗಿ ಇಬ್ಬರನ್ನೂ ಗೌರವಿಸುವುದು ಸೂಕ್ತ ಎಂದು ಅಭಿಪ್ರಾಯಪಟ್ಟರು.

ಪುಟ:2
